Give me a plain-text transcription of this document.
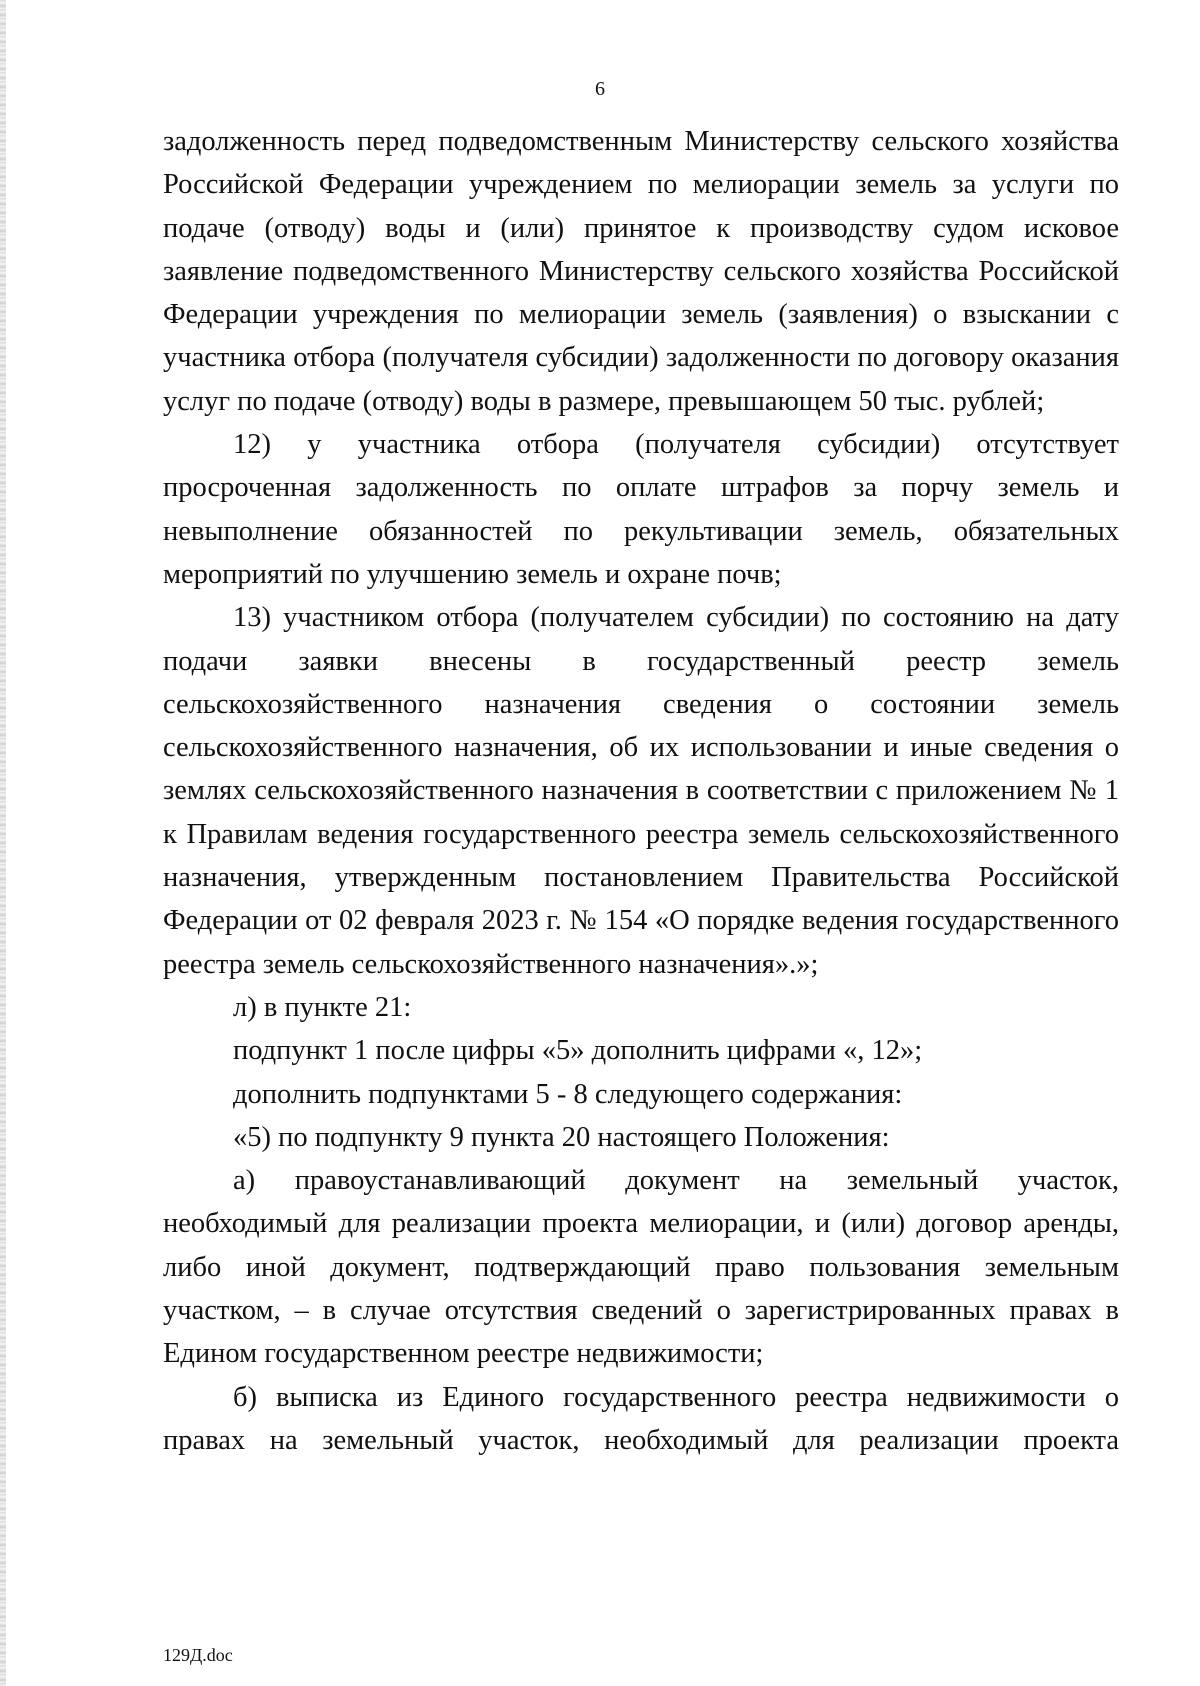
6

задолженность перед подведомственным Министерству сельского хозяйства Российской Федерации учреждением по мелиорации земель за услуги по подаче (отводу) воды и (или) принятое к производству судом исковое заявление подведомственного Министерству сельского хозяйства Российской Федерации учреждения по мелиорации земель (заявления) о взыскании с участника отбора (получателя субсидии) задолженности по договору оказания услуг по подаче (отводу) воды в размере, превышающем 50 тыс. рублей;

12) у участника отбора (получателя субсидии) отсутствует просроченная задолженность по оплате штрафов за порчу земель и невыполнение обязанностей по рекультивации земель, обязательных мероприятий по улучшению земель и охране почв;

13) участником отбора (получателем субсидии) по состоянию на дату подачи заявки внесены в государственный реестр земель сельскохозяйственного назначения сведения о состоянии земель сельскохозяйственного назначения, об их использовании и иные сведения о землях сельскохозяйственного назначения в соответствии с приложением № 1 к Правилам ведения государственного реестра земель сельскохозяйственного назначения, утвержденным постановлением Правительства Российской Федерации от 02 февраля 2023 г. № 154 «О порядке ведения государственного реестра земель сельскохозяйственного назначения».»;

л) в пункте 21:

подпункт 1 после цифры «5» дополнить цифрами «, 12»;

дополнить подпунктами 5 - 8 следующего содержания:

«5) по подпункту 9 пункта 20 настоящего Положения:

а) правоустанавливающий документ на земельный участок, необходимый для реализации проекта мелиорации, и (или) договор аренды, либо иной документ, подтверждающий право пользования земельным участком, – в случае отсутствия сведений о зарегистрированных правах в Едином государственном реестре недвижимости;

б) выписка из Единого государственного реестра недвижимости о правах на земельный участок, необходимый для реализации проекта

129Д.doc
